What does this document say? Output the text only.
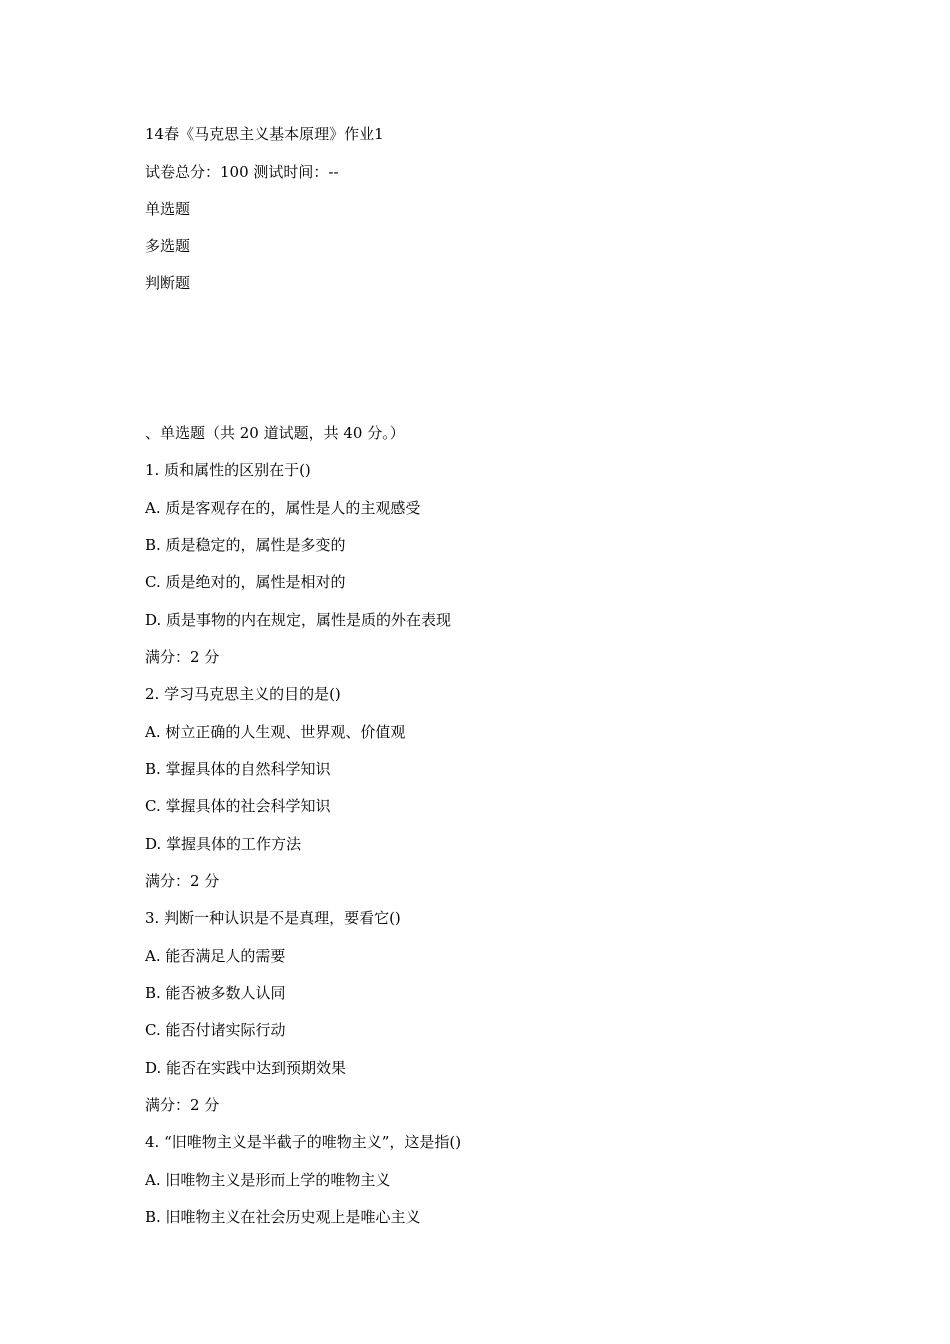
14春《马克思主义基本原理》作业1
试卷总分：100 测试时间：--
单选题
多选题
判断题
、单选题（共 20 道试题，共 40 分。）
1. 质和属性的区别在于()
A. 质是客观存在的，属性是人的主观感受
B. 质是稳定的，属性是多变的
C. 质是绝对的，属性是相对的
D. 质是事物的内在规定，属性是质的外在表现
满分：2 分
2. 学习马克思主义的目的是()
A. 树立正确的人生观、世界观、价值观
B. 掌握具体的自然科学知识
C. 掌握具体的社会科学知识
D. 掌握具体的工作方法
满分：2 分
3. 判断一种认识是不是真理，要看它()
A. 能否满足人的需要
B. 能否被多数人认同
C. 能否付诸实际行动
D. 能否在实践中达到预期效果
满分：2 分
4. “旧唯物主义是半截子的唯物主义”，这是指()
A. 旧唯物主义是形而上学的唯物主义
B. 旧唯物主义在社会历史观上是唯心主义
